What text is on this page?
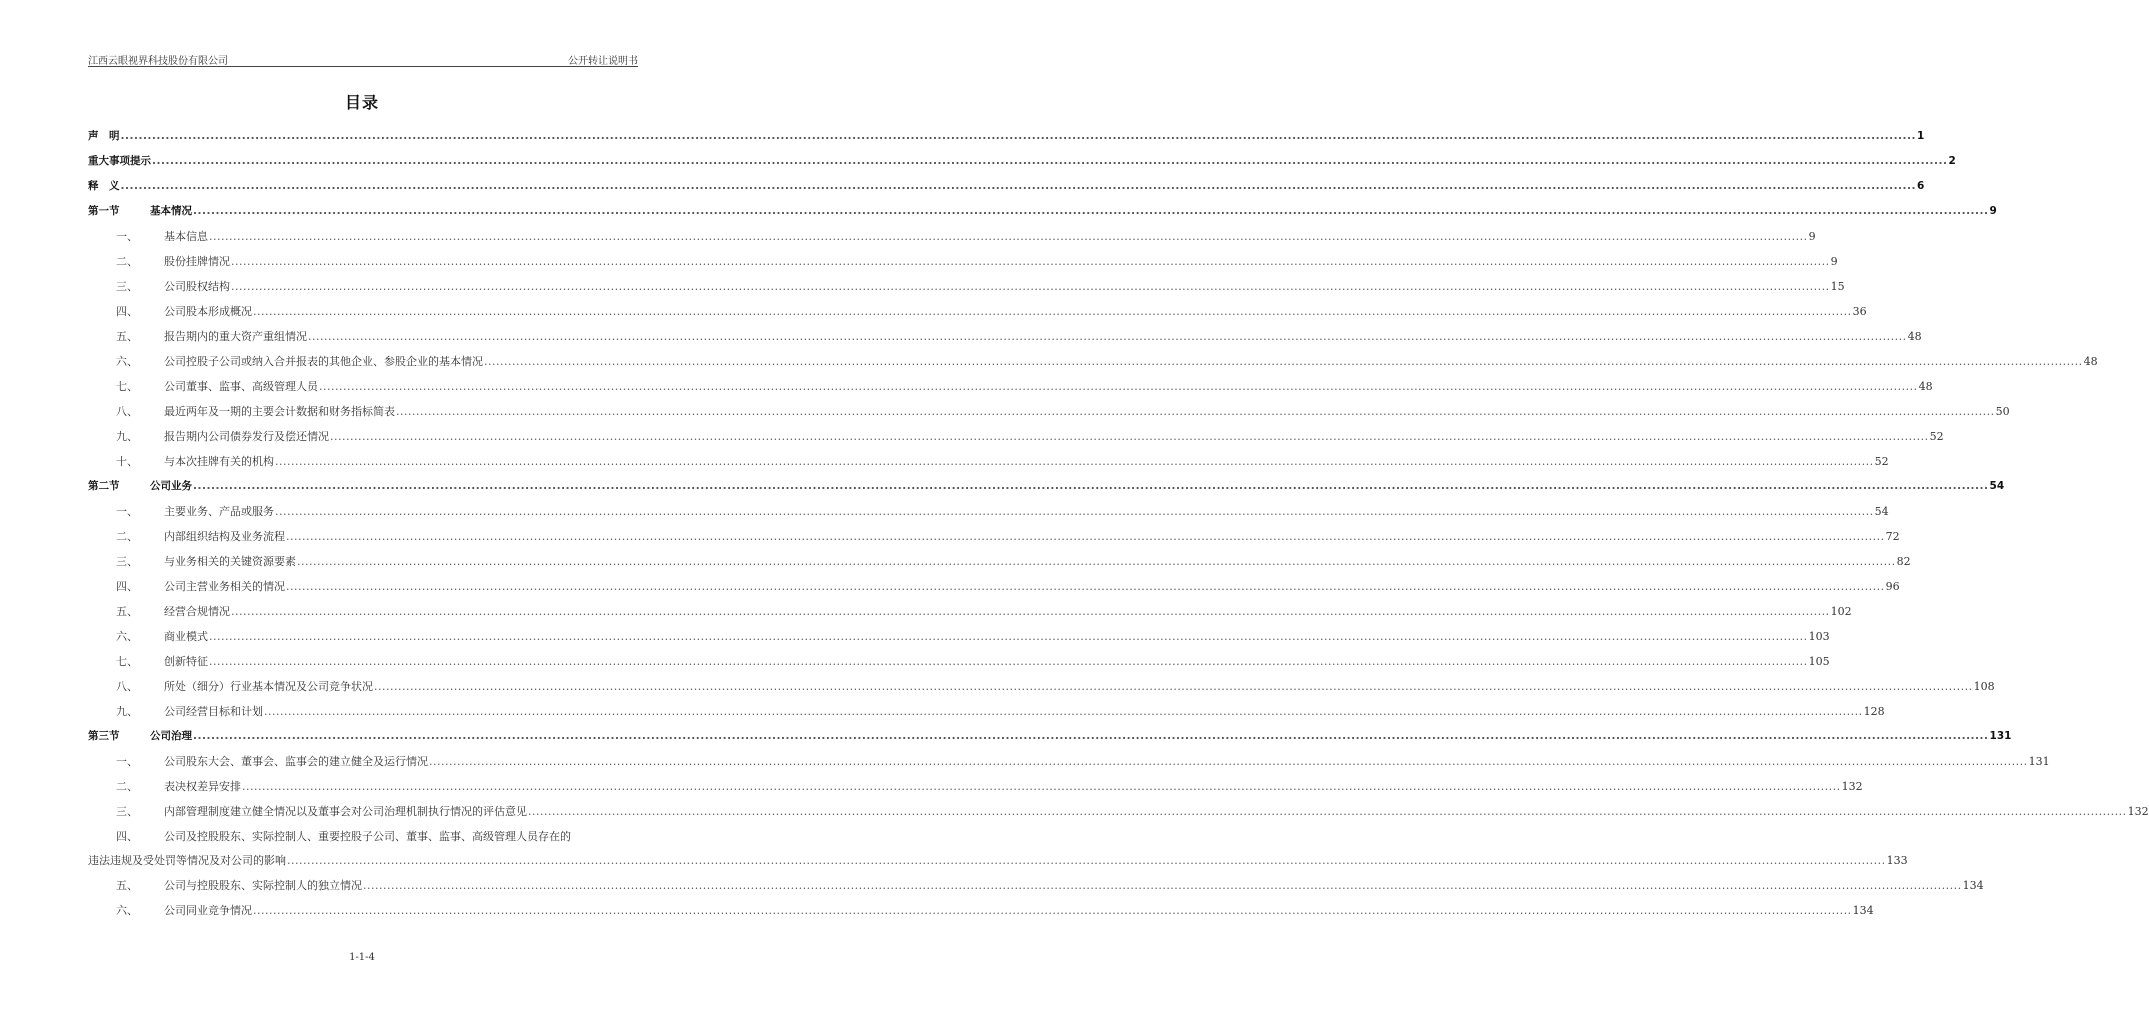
江西云眼视界科技股份有限公司	公开转让说明书
目录
声　明 ................................................................................................................................................................................................................................................................................................................................................................................................................ 1
重大事项提示 ................................................................................................................................................................................................................................................................................................................................................................................................................ 2
释　义 ................................................................................................................................................................................................................................................................................................................................................................................................................ 6
第一节	基本情况 ................................................................................................................................................................................................................................................................................................................................................................................................................ 9
一、	基本信息 ................................................................................................................................................................................................................................................................................................................................................................................................................ 9
二、	股份挂牌情况 ................................................................................................................................................................................................................................................................................................................................................................................................................ 9
三、	公司股权结构 ................................................................................................................................................................................................................................................................................................................................................................................................................ 15
四、	公司股本形成概况 ................................................................................................................................................................................................................................................................................................................................................................................................................ 36
五、	报告期内的重大资产重组情况 ................................................................................................................................................................................................................................................................................................................................................................................................................ 48
六、	公司控股子公司或纳入合并报表的其他企业、参股企业的基本情况 ................................................................................................................................................................................................................................................................................................................................................................................................................ 48
七、	公司董事、监事、高级管理人员 ................................................................................................................................................................................................................................................................................................................................................................................................................ 48
八、	最近两年及一期的主要会计数据和财务指标简表 ................................................................................................................................................................................................................................................................................................................................................................................................................ 50
九、	报告期内公司债券发行及偿还情况 ................................................................................................................................................................................................................................................................................................................................................................................................................ 52
十、	与本次挂牌有关的机构 ................................................................................................................................................................................................................................................................................................................................................................................................................ 52
第二节	公司业务 ................................................................................................................................................................................................................................................................................................................................................................................................................ 54
一、	主要业务、产品或服务 ................................................................................................................................................................................................................................................................................................................................................................................................................ 54
二、	内部组织结构及业务流程 ................................................................................................................................................................................................................................................................................................................................................................................................................ 72
三、	与业务相关的关键资源要素 ................................................................................................................................................................................................................................................................................................................................................................................................................ 82
四、	公司主营业务相关的情况 ................................................................................................................................................................................................................................................................................................................................................................................................................ 96
五、	经营合规情况 ................................................................................................................................................................................................................................................................................................................................................................................................................ 102
六、	商业模式 ................................................................................................................................................................................................................................................................................................................................................................................................................ 103
七、	创新特征 ................................................................................................................................................................................................................................................................................................................................................................................................................ 105
八、	所处（细分）行业基本情况及公司竞争状况 ................................................................................................................................................................................................................................................................................................................................................................................................................ 108
九、	公司经营目标和计划 ................................................................................................................................................................................................................................................................................................................................................................................................................ 128
第三节	公司治理 ................................................................................................................................................................................................................................................................................................................................................................................................................ 131
一、	公司股东大会、董事会、监事会的建立健全及运行情况 ................................................................................................................................................................................................................................................................................................................................................................................................................ 131
二、	表决权差异安排 ................................................................................................................................................................................................................................................................................................................................................................................................................ 132
三、	内部管理制度建立健全情况以及董事会对公司治理机制执行情况的评估意见 ................................................................................................................................................................................................................................................................................................................................................................................................................ 132
四、	公司及控股股东、实际控制人、重要控股子公司、董事、监事、高级管理人员存在的
违法违规及受处罚等情况及对公司的影响 ................................................................................................................................................................................................................................................................................................................................................................................................................ 133
五、	公司与控股股东、实际控制人的独立情况 ................................................................................................................................................................................................................................................................................................................................................................................................................ 134
六、	公司同业竞争情况 ................................................................................................................................................................................................................................................................................................................................................................................................................ 134
1-1-4
